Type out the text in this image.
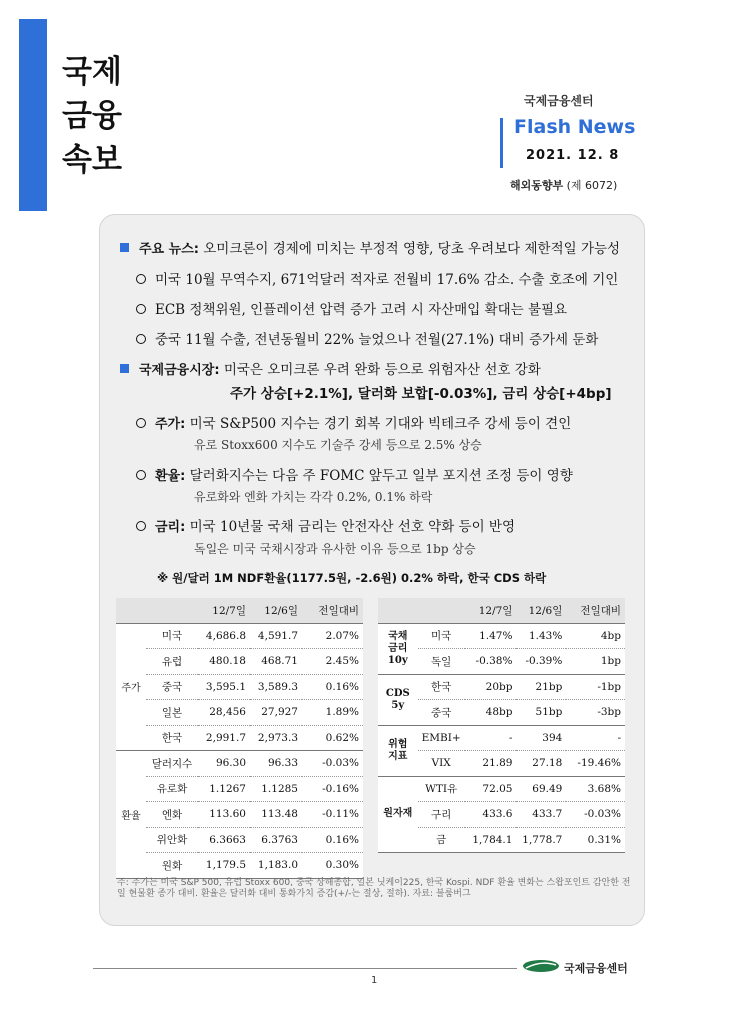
국제
금융
속보
국제금융센터
Flash News
2021. 12. 8
해외동향부 (제 6072)
주요 뉴스: 오미크론이 경제에 미치는 부정적 영향, 당초 우려보다 제한적일 가능성
미국 10월 무역수지, 671억달러 적자로 전월비 17.6% 감소. 수출 호조에 기인
ECB 정책위원, 인플레이션 압력 증가 고려 시 자산매입 확대는 불필요
중국 11월 수출, 전년동월비 22% 늘었으나 전월(27.1%) 대비 증가세 둔화
국제금융시장: 미국은 오미크론 우려 완화 등으로 위험자산 선호 강화
주가 상승[+2.1%], 달러화 보합[-0.03%], 금리 상승[+4bp]
주가: 미국 S&P500 지수는 경기 회복 기대와 빅테크주 강세 등이 견인
유로 Stoxx600 지수도 기술주 강세 등으로 2.5% 상승
환율: 달러화지수는 다음 주 FOMC 앞두고 일부 포지션 조정 등이 영향
유로화와 엔화 가치는 각각 0.2%, 0.1% 하락
금리: 미국 10년물 국채 금리는 안전자산 선호 약화 등이 반영
독일은 미국 국채시장과 유사한 이유 등으로 1bp 상승
※ 원/달러 1M NDF환율(1177.5원, -2.6원) 0.2% 하락, 한국 CDS 하락
		12/7일	12/6일	전일대비
주가	미국	4,686.8	4,591.7	2.07%
	유럽	480.18	468.71	2.45%
	중국	3,595.1	3,589.3	0.16%
	일본	28,456	27,927	1.89%
	한국	2,991.7	2,973.3	0.62%
환율	달러지수	96.30	96.33	-0.03%
	유로화	1.1267	1.1285	-0.16%
	엔화	113.60	113.48	-0.11%
	위안화	6.3663	6.3763	0.16%
	원화	1,179.5	1,183.0	0.30%

		12/7일	12/6일	전일대비
국채
금리
10y	미국	1.47%	1.43%	4bp
	독일	-0.38%	-0.39%	1bp
CDS
5y	한국	20bp	21bp	-1bp
	중국	48bp	51bp	-3bp
위험
지표	EMBI+	-	394	-
	VIX	21.89	27.18	-19.46%
원자재	WTI유	72.05	69.49	3.68%
	구리	433.6	433.7	-0.03%
	금	1,784.1	1,778.7	0.31%

주: 주가는 미국 S&P 500, 유럽 Stoxx 600, 중국 상해종합, 일본 닛케이225, 한국 Kospi. NDF 환율 변화는 스왑포인트 감안한 전일 현물환 종가 대비. 환율은 달러화 대비 통화가치 증감(+/-는 절상, 절하). 자료: 블룸버그
1
국제금융센터
